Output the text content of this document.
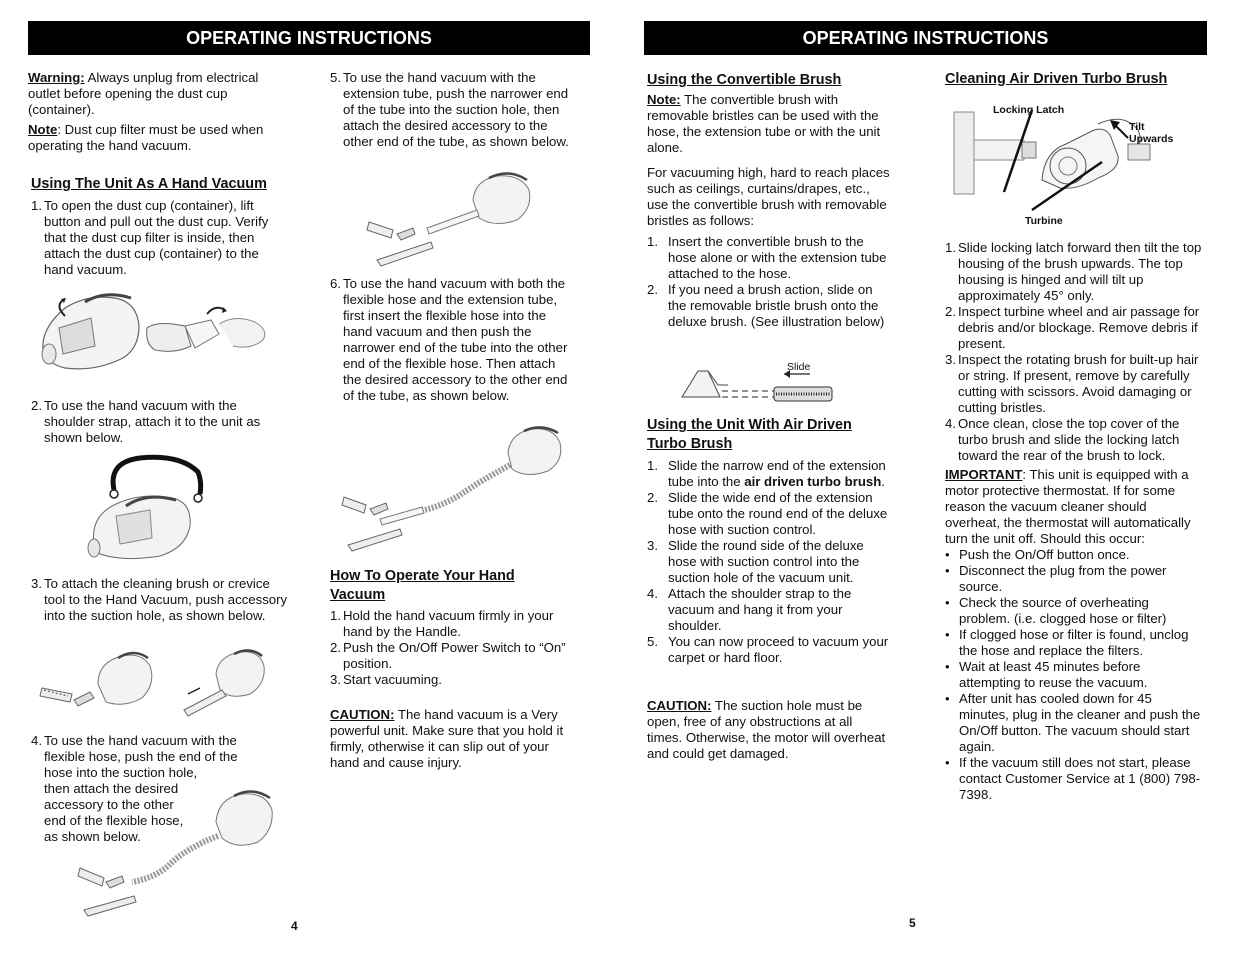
OPERATING INSTRUCTIONS

Warning: Always unplug from electrical outlet before opening the dust cup (container).

Note: Dust cup filter must be used when operating the hand vacuum.

Using The Unit As A Hand Vacuum
1. To open the dust cup (container), lift button and pull out the dust cup. Verify that the dust cup filter is inside, then attach the dust cup (container) to the hand vacuum.
2. To use the hand vacuum with the shoulder strap, attach it to the unit as shown below.
3. To attach the cleaning brush or crevice tool to the Hand Vacuum, push accessory into the suction hole, as shown below.
4. To use the hand vacuum with the
flexible hose, push the end of the
hose into the suction hole,
then attach the desired
accessory to the other
end of the flexible hose,
as shown below.
5. To use the hand vacuum with the extension tube, push the narrower end of the tube into the suction hole, then attach the desired accessory to the other end of the tube, as shown below.
6. To use the hand vacuum with both the flexible hose and the extension tube, first insert the flexible hose into the hand vacuum and then push the narrower end of the tube into the other end of the flexible hose. Then attach the desired accessory to the other end of the tube, as shown below.
How To Operate Your Hand Vacuum
1. Hold the hand vacuum firmly in your hand by the Handle.
2. Push the On/Off Power Switch to “On” position.
3. Start vacuuming.

CAUTION: The hand vacuum is a Very powerful unit. Make sure that you hold it firmly, otherwise it can slip out of your hand and cause injury.

4
OPERATING INSTRUCTIONS
Using the Convertible Brush

Note: The convertible brush with removable bristles can be used with the hose, the extension tube or with the unit alone.

For vacuuming high, hard to reach places such as ceilings, curtains/drapes, etc., use the convertible brush with removable bristles as follows:

1. Insert the convertible brush to the hose alone or with the extension tube attached to the hose.
2. If you need a brush action, slide on the removable bristle brush onto the deluxe brush. (See illustration below)
Slide
Using the Unit With Air Driven Turbo Brush
1. Slide the narrow end of the extension tube into the air driven turbo brush.
2. Slide the wide end of the extension tube onto the round end of the deluxe hose with suction control.
3. Slide the round side of the deluxe hose with suction control into the suction hole of the vacuum unit.
4. Attach the shoulder strap to the vacuum and hang it from your shoulder.
5. You can now proceed to vacuum your carpet or hard floor.

CAUTION: The suction hole must be open, free of any obstructions at all times. Otherwise, the motor will overheat and could get damaged.

Cleaning Air Driven Turbo Brush
Locking Latch
Tilt
Upwards
Turbine
1. Slide locking latch forward then tilt the top housing of the brush upwards. The top housing is hinged and will tilt up approximately 45° only.
2. Inspect turbine wheel and air passage for debris and/or blockage. Remove debris if present.
3. Inspect the rotating brush for built-up hair or string. If present, remove by carefully cutting with scissors. Avoid damaging or cutting bristles.
4. Once clean, close the top cover of the turbo brush and slide the locking latch toward the rear of the brush to lock.

IMPORTANT: This unit is equipped with a motor protective thermostat. If for some reason the vacuum cleaner should overheat, the thermostat will automatically turn the unit off. Should this occur:

• Push the On/Off button once.
• Disconnect the plug from the power source.
• Check the source of overheating problem. (i.e. clogged hose or filter)
• If clogged hose or filter is found, unclog the hose and replace the filters.
• Wait at least 45 minutes before attempting to reuse the vacuum.
• After unit has cooled down for 45 minutes, plug in the cleaner and push the On/Off button. The vacuum should start again.
• If the vacuum still does not start, please contact Customer Service at 1 (800) 798-7398.
5
